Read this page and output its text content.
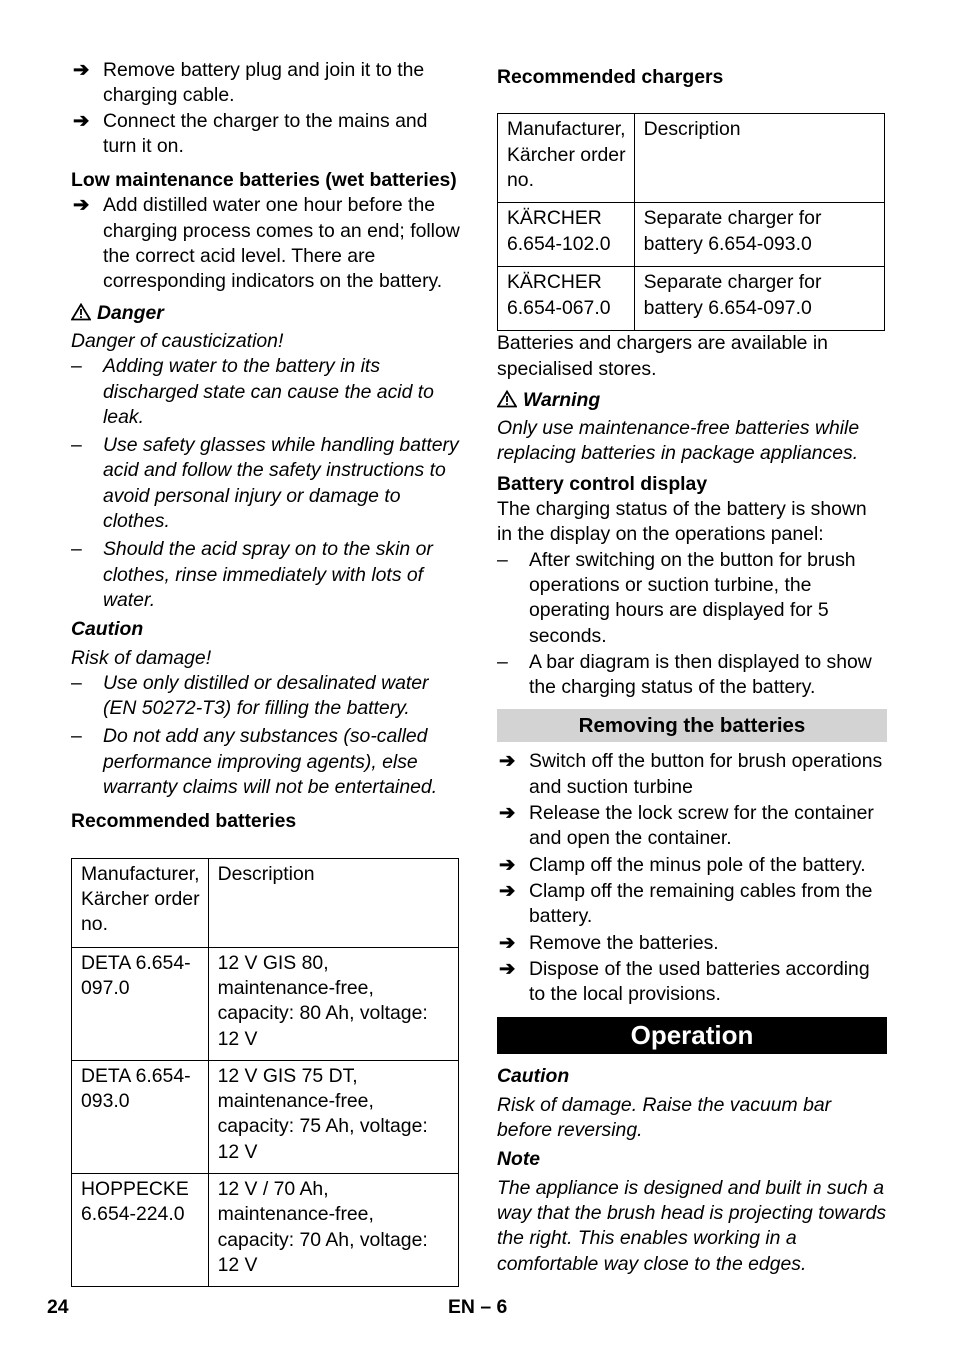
➔ Remove battery plug and join it to the charging cable.
➔ Connect the charger to the mains and turn it on.
Low maintenance batteries (wet batteries)
➔ Add distilled water one hour before the charging process comes to an end; follow the correct acid level. There are corresponding indicators on the battery.
Danger
Danger of causticization!
– Adding water to the battery in its discharged state can cause the acid to leak.
– Use safety glasses while handling battery acid and follow the safety instructions to avoid personal injury or damage to clothes.
– Should the acid spray on to the skin or clothes, rinse immediately with lots of water.
Caution
Risk of damage!
– Use only distilled or desalinated water (EN 50272-T3) for filling the battery.
– Do not add any substances (so-called performance improving agents), else warranty claims will not be entertained.
Recommended batteries
Manufacturer, Kärcher order no.	Description
DETA 6.654-097.0	12 V GIS 80, maintenance-free, capacity: 80 Ah, voltage: 12 V
DETA 6.654-093.0	12 V GIS 75 DT, maintenance-free, capacity: 75 Ah, voltage: 12 V
HOPPECKE 6.654-224.0	12 V / 70 Ah, maintenance-free, capacity: 70 Ah, voltage: 12 V
Recommended chargers
Manufacturer, Kärcher order no.	Description
KÄRCHER 6.654-102.0	Separate charger for battery 6.654-093.0
KÄRCHER 6.654-067.0	Separate charger for battery 6.654-097.0
Batteries and chargers are available in specialised stores.
Warning
Only use maintenance-free batteries while replacing batteries in package appliances.
Battery control display
The charging status of the battery is shown in the display on the operations panel:
– After switching on the button for brush operations or suction turbine, the operating hours are displayed for 5 seconds.
– A bar diagram is then displayed to show the charging status of the battery.
Removing the batteries
➔ Switch off the button for brush operations and suction turbine
➔ Release the lock screw for the container and open the container.
➔ Clamp off the minus pole of the battery.
➔ Clamp off the remaining cables from the battery.
➔ Remove the batteries.
➔ Dispose of the used batteries according to the local provisions.
Operation
Caution
Risk of damage. Raise the vacuum bar before reversing.
Note
The appliance is designed and built in such a way that the brush head is projecting towards the right. This enables working in a comfortable way close to the edges.
24	EN – 6
